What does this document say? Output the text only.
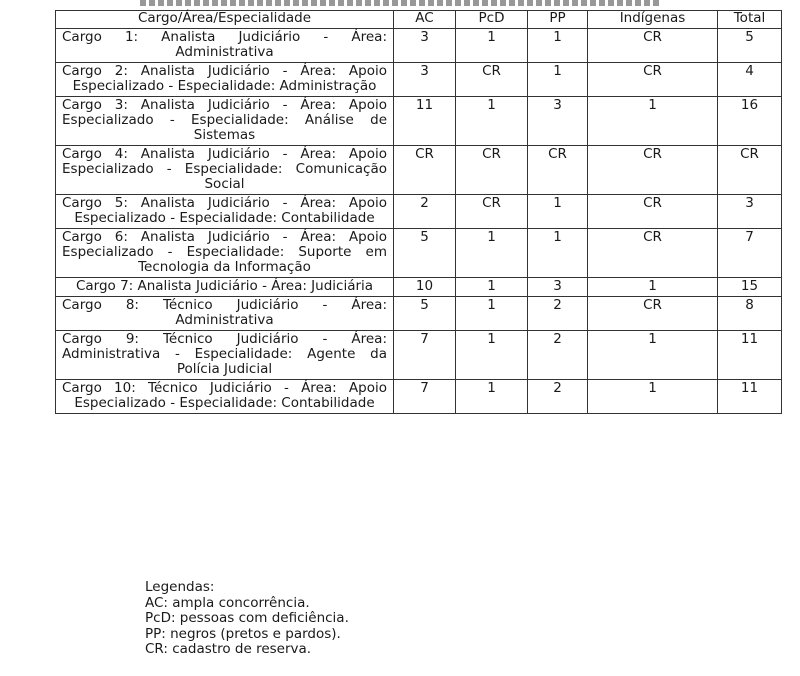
Cargo/Área/Especialidade	AC	PcD	PP	Indígenas	Total
Cargo 1: Analista Judiciário - Área: Administrativa	3	1	1	CR	5
Cargo 2: Analista Judiciário - Área: Apoio Especializado - Especialidade: Administração	3	CR	1	CR	4
Cargo 3: Analista Judiciário - Área: Apoio Especializado - Especialidade: Análise de Sistemas	11	1	3	1	16
Cargo 4: Analista Judiciário - Área: Apoio Especializado - Especialidade: Comunicação Social	CR	CR	CR	CR	CR
Cargo 5: Analista Judiciário - Área: Apoio Especializado - Especialidade: Contabilidade	2	CR	1	CR	3
Cargo 6: Analista Judiciário - Área: Apoio Especializado - Especialidade: Suporte em Tecnologia da Informação	5	1	1	CR	7
Cargo 7: Analista Judiciário - Área: Judiciária	10	1	3	1	15
Cargo 8: Técnico Judiciário - Área: Administrativa	5	1	2	CR	8
Cargo 9: Técnico Judiciário - Área: Administrativa - Especialidade: Agente da Polícia Judicial	7	1	2	1	11
Cargo 10: Técnico Judiciário - Área: Apoio Especializado - Especialidade: Contabilidade	7	1	2	1	11
Legendas:
AC: ampla concorrência.
PcD: pessoas com deficiência.
PP: negros (pretos e pardos).
CR: cadastro de reserva.
